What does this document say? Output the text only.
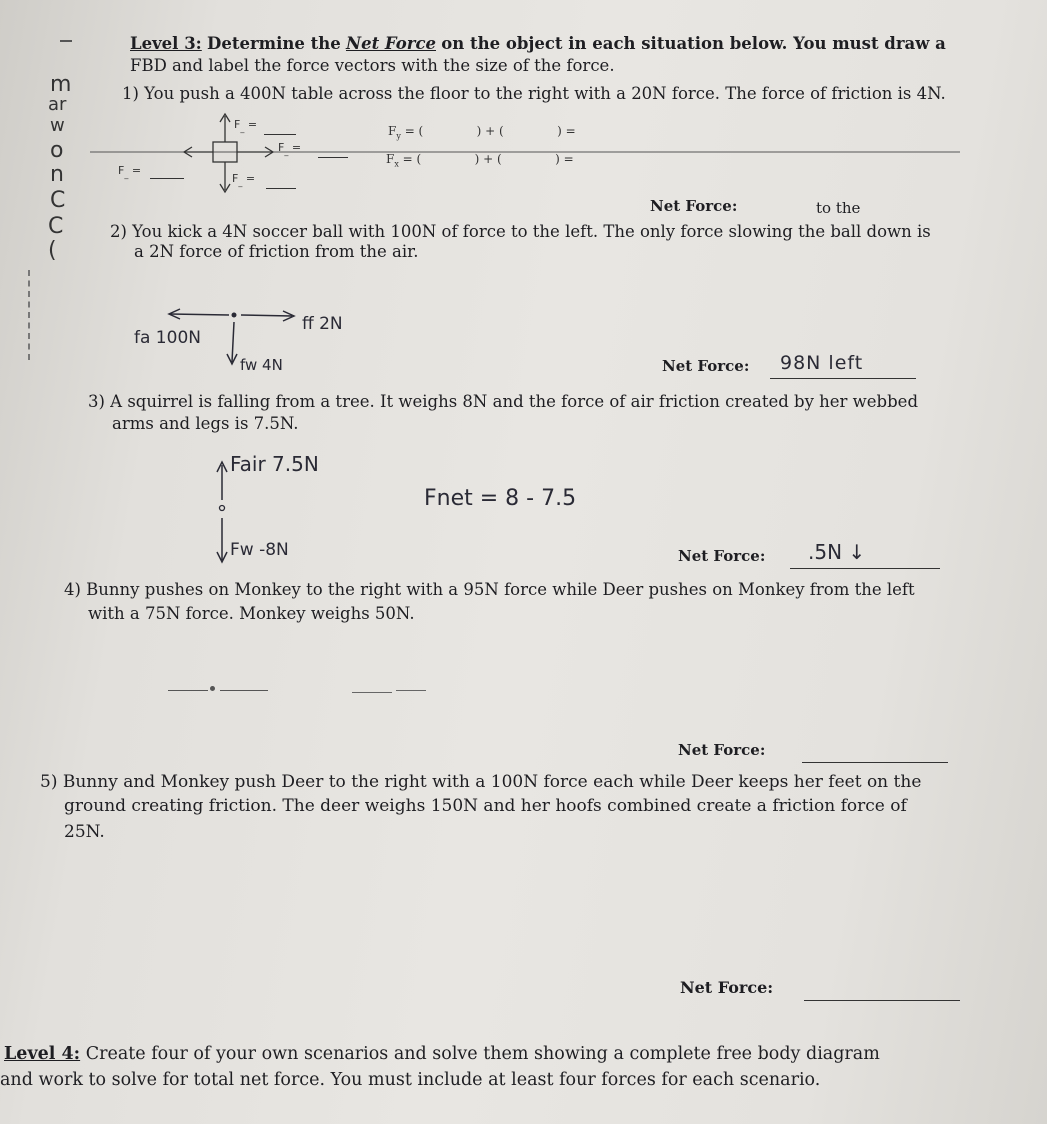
m
ar
w
o
n
C
C
(
Level 3: Determine the Net Force on the object in each situation below. You must draw a
FBD and label the force vectors with the size of the force.
1) You push a 400N table across the floor to the right with a 20N force. The force of friction is 4N.
$F_{\_}$ =
$F_{\_}$ =
$F_{\_}$ =
$F_{\_}$ =
$F_y$ = (              ) + (              ) =
$F_x$ = (              ) + (              ) =
Net Force:	to the
2) You kick a 4N soccer ball with 100N of force to the left. The only force slowing the ball down is
a 2N force of friction from the air.
fa 100N
ff 2N
fw 4N	Net Force: 98N left
3) A squirrel is falling from a tree. It weighs 8N and the force of air friction created by her webbed
arms and legs is 7.5N.
Fair 7.5N
Fw -8N
Fnet = 8 - 7.5
Net Force: .5N ↓
4) Bunny pushes on Monkey to the right with a 95N force while Deer pushes on Monkey from the left
with a 75N force. Monkey weighs 50N.
Net Force:
5) Bunny and Monkey push Deer to the right with a 100N force each while Deer keeps her feet on the
ground creating friction. The deer weighs 150N and her hoofs combined create a friction force of
25N.
Net Force:
Level 4: Create four of your own scenarios and solve them showing a complete free body diagram
and work to solve for total net force. You must include at least four forces for each scenario.
